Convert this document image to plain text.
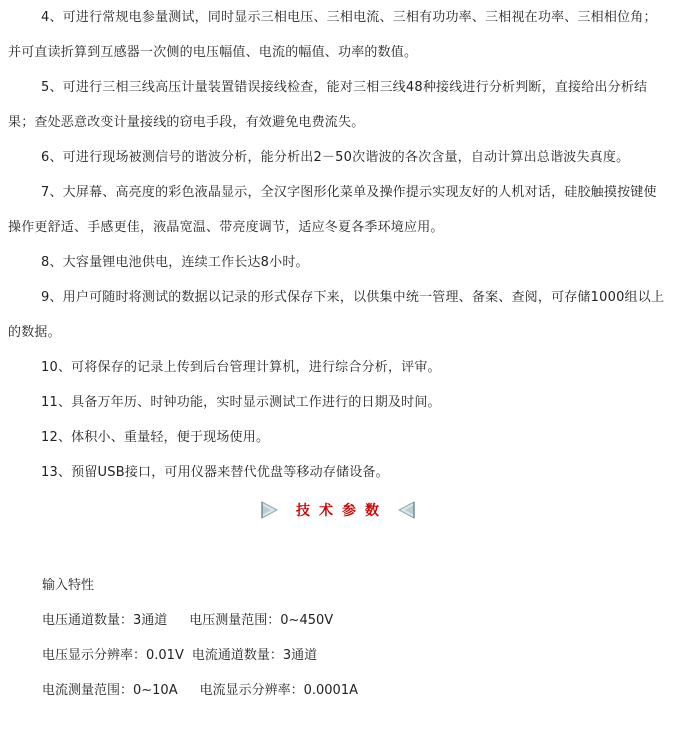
4、可进行常规电参量测试，同时显示三相电压、三相电流、三相有功功率、三相视在功率、三相相位角；并可直读折算到互感器一次侧的电压幅值、电流的幅值、功率的数值。

5、可进行三相三线高压计量装置错误接线检查，能对三相三线48种接线进行分析判断，直接给出分析结果；查处恶意改变计量接线的窃电手段，有效避免电费流失。

6、可进行现场被测信号的谐波分析，能分析出2－50次谐波的各次含量，自动计算出总谐波失真度。

7、大屏幕、高亮度的彩色液晶显示，全汉字图形化菜单及操作提示实现友好的人机对话，硅胶触摸按键使操作更舒适、手感更佳，液晶宽温、带亮度调节，适应冬夏各季环境应用。

8、大容量锂电池供电，连续工作长达8小时。

9、用户可随时将测试的数据以记录的形式保存下来，以供集中统一管理、备案、查阅，可存储1000组以上的数据。

10、可将保存的记录上传到后台管理计算机，进行综合分析，评审。

11、具备万年历、时钟功能，实时显示测试工作进行的日期及时间。

12、体积小、重量轻，便于现场使用。

13、预留USB接口，可用仪器来替代优盘等移动存储设备。

技术参数
输入特性
电压通道数量：3通道 电压测量范围：0~450V
电压显示分辨率：0.01V 电流通道数量：3通道
电流测量范围：0~10A 电流显示分辨率：0.0001A
